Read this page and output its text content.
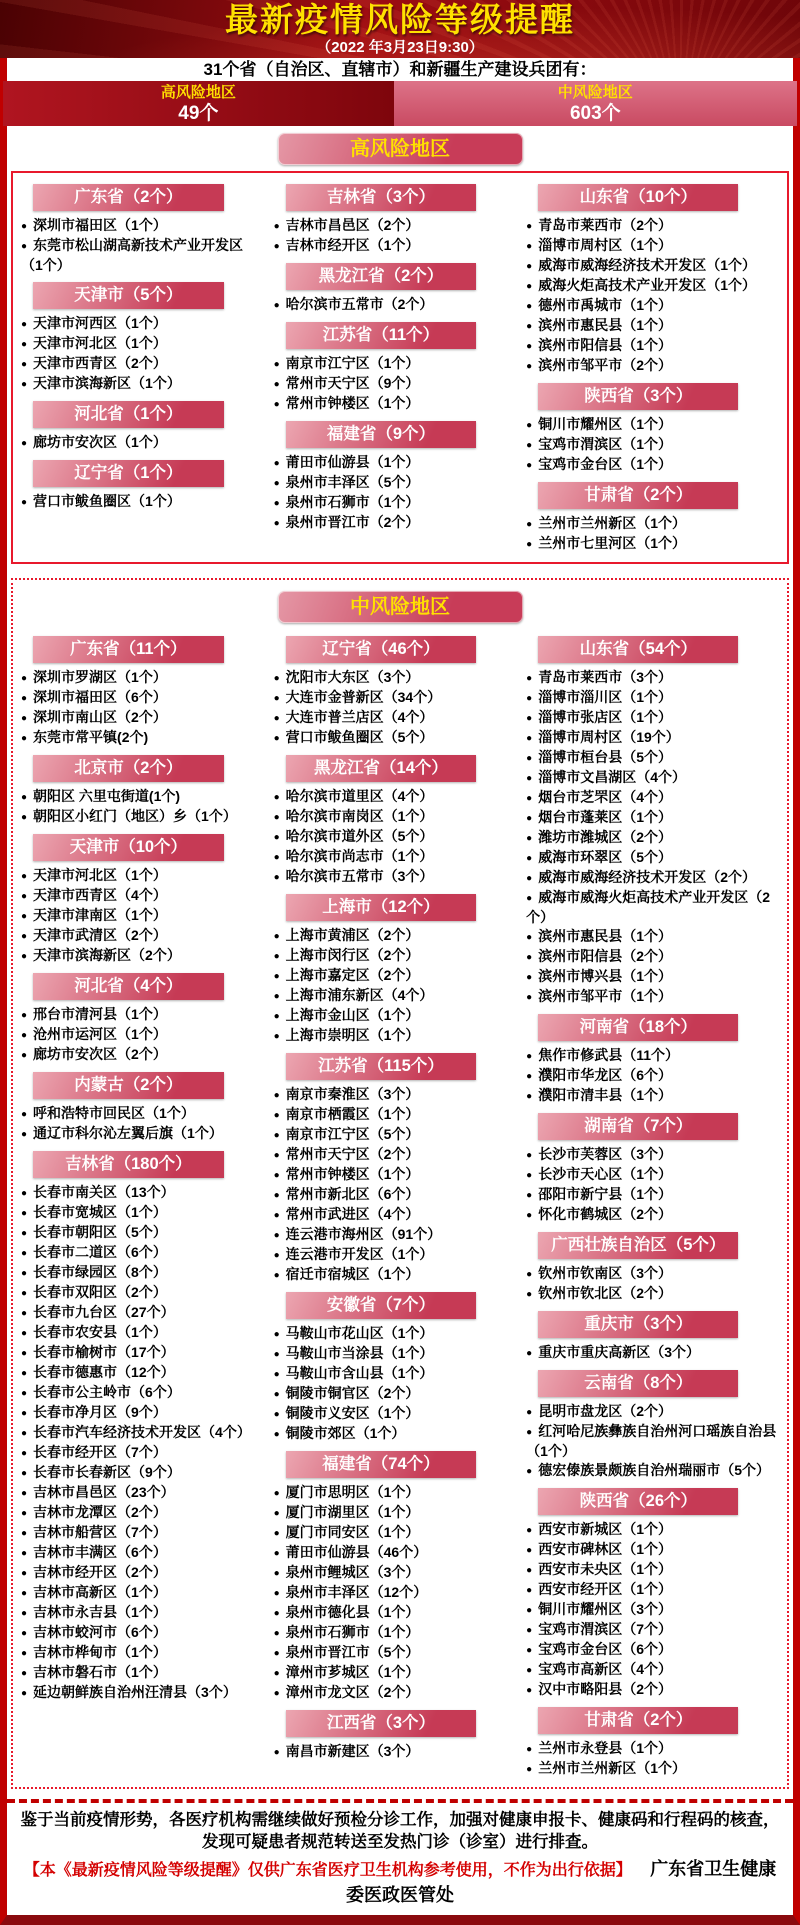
最新疫情风险等级提醒
（2022 年3月23日9:30）
31个省（自治区、直辖市）和新疆生产建设兵团有：
高风险地区
49个
中风险地区
603个
高风险地区
广东省（2个）
● 深圳市福田区（1个）
● 东莞市松山湖高新技术产业开发区（1个）
天津市（5个）
● 天津市河西区（1个）
● 天津市河北区（1个）
● 天津市西青区（2个）
● 天津市滨海新区（1个）
河北省（1个）
● 廊坊市安次区（1个）
辽宁省（1个）
● 营口市鲅鱼圈区（1个）
吉林省（3个）
● 吉林市昌邑区（2个）
● 吉林市经开区（1个）
黑龙江省（2个）
● 哈尔滨市五常市（2个）
江苏省（11个）
● 南京市江宁区（1个）
● 常州市天宁区（9个）
● 常州市钟楼区（1个）
福建省（9个）
● 莆田市仙游县（1个）
● 泉州市丰泽区（5个）
● 泉州市石狮市（1个）
● 泉州市晋江市（2个）
山东省（10个）
● 青岛市莱西市（2个）
● 淄博市周村区（1个）
● 威海市威海经济技术开发区（1个）
● 威海火炬高技术产业开发区（1个）
● 德州市禹城市（1个）
● 滨州市惠民县（1个）
● 滨州市阳信县（1个）
● 滨州市邹平市（2个）
陕西省（3个）
● 铜川市耀州区（1个）
● 宝鸡市渭滨区（1个）
● 宝鸡市金台区（1个）
甘肃省（2个）
● 兰州市兰州新区（1个）
● 兰州市七里河区（1个）
中风险地区
广东省（11个）
● 深圳市罗湖区（1个）
● 深圳市福田区（6个）
● 深圳市南山区（2个）
● 东莞市常平镇(2个)
北京市（2个）
● 朝阳区 六里屯街道(1个)
● 朝阳区小红门（地区）乡（1个）
天津市（10个）
● 天津市河北区（1个）
● 天津市西青区（4个）
● 天津市津南区（1个）
● 天津市武清区（2个）
● 天津市滨海新区（2个）
河北省（4个）
● 邢台市清河县（1个）
● 沧州市运河区（1个）
● 廊坊市安次区（2个）
内蒙古（2个）
● 呼和浩特市回民区（1个）
● 通辽市科尔沁左翼后旗（1个）
吉林省（180个）
● 长春市南关区（13个）
● 长春市宽城区（1个）
● 长春市朝阳区（5个）
● 长春市二道区（6个）
● 长春市绿园区（8个）
● 长春市双阳区（2个）
● 长春市九台区（27个）
● 长春市农安县（1个）
● 长春市榆树市（17个）
● 长春市德惠市（12个）
● 长春市公主岭市（6个）
● 长春市净月区（9个）
● 长春市汽车经济技术开发区（4个）
● 长春市经开区（7个）
● 长春市长春新区（9个）
● 吉林市昌邑区（23个）
● 吉林市龙潭区（2个）
● 吉林市船营区（7个）
● 吉林市丰满区（6个）
● 吉林市经开区（2个）
● 吉林市高新区（1个）
● 吉林市永吉县（1个）
● 吉林市蛟河市（6个）
● 吉林市桦甸市（1个）
● 吉林市磐石市（1个）
● 延边朝鲜族自治州汪清县（3个）
辽宁省（46个）
● 沈阳市大东区（3个）
● 大连市金普新区（34个）
● 大连市普兰店区（4个）
● 营口市鲅鱼圈区（5个）
黑龙江省（14个）
● 哈尔滨市道里区（4个）
● 哈尔滨市南岗区（1个）
● 哈尔滨市道外区（5个）
● 哈尔滨市尚志市（1个）
● 哈尔滨市五常市（3个）
上海市（12个）
● 上海市黄浦区（2个）
● 上海市闵行区（2个）
● 上海市嘉定区（2个）
● 上海市浦东新区（4个）
● 上海市金山区（1个）
● 上海市崇明区（1个）
江苏省（115个）
● 南京市秦淮区（3个）
● 南京市栖霞区（1个）
● 南京市江宁区（5个）
● 常州市天宁区（2个）
● 常州市钟楼区（1个）
● 常州市新北区（6个）
● 常州市武进区（4个）
● 连云港市海州区（91个）
● 连云港市开发区（1个）
● 宿迁市宿城区（1个）
安徽省（7个）
● 马鞍山市花山区（1个）
● 马鞍山市当涂县（1个）
● 马鞍山市含山县（1个）
● 铜陵市铜官区（2个）
● 铜陵市义安区（1个）
● 铜陵市郊区（1个）
福建省（74个）
● 厦门市思明区（1个）
● 厦门市湖里区（1个）
● 厦门市同安区（1个）
● 莆田市仙游县（46个）
● 泉州市鲤城区（3个）
● 泉州市丰泽区（12个）
● 泉州市德化县（1个）
● 泉州市石狮市（1个）
● 泉州市晋江市（5个）
● 漳州市芗城区（1个）
● 漳州市龙文区（2个）
江西省（3个）
● 南昌市新建区（3个）
山东省（54个）
● 青岛市莱西市（3个）
● 淄博市淄川区（1个）
● 淄博市张店区（1个）
● 淄博市周村区（19个）
● 淄博市桓台县（5个）
● 淄博市文昌湖区（4个）
● 烟台市芝罘区（4个）
● 烟台市蓬莱区（1个）
● 潍坊市潍城区（2个）
● 威海市环翠区（5个）
● 威海市威海经济技术开发区（2个）
● 威海市威海火炬高技术产业开发区（2个）
● 滨州市惠民县（1个）
● 滨州市阳信县（2个）
● 滨州市博兴县（1个）
● 滨州市邹平市（1个）
河南省（18个）
● 焦作市修武县（11个）
● 濮阳市华龙区（6个）
● 濮阳市清丰县（1个）
湖南省（7个）
● 长沙市芙蓉区（3个）
● 长沙市天心区（1个）
● 邵阳市新宁县（1个）
● 怀化市鹤城区（2个）
广西壮族自治区（5个）
● 钦州市钦南区（3个）
● 钦州市钦北区（2个）
重庆市（3个）
● 重庆市重庆高新区（3个）
云南省（8个）
● 昆明市盘龙区（2个）
● 红河哈尼族彝族自治州河口瑶族自治县（1个）
● 德宏傣族景颇族自治州瑞丽市（5个）
陕西省（26个）
● 西安市新城区（1个）
● 西安市碑林区（1个）
● 西安市未央区（1个）
● 西安市经开区（1个）
● 铜川市耀州区（3个）
● 宝鸡市渭滨区（7个）
● 宝鸡市金台区（6个）
● 宝鸡市高新区（4个）
● 汉中市略阳县（2个）
甘肃省（2个）
● 兰州市永登县（1个）
● 兰州市兰州新区（1个）
鉴于当前疫情形势，各医疗机构需继续做好预检分诊工作，加强对健康申报卡、健康码和行程码的核查，发现可疑患者规范转送至发热门诊（诊室）进行排查。
【本《最新疫情风险等级提醒》仅供广东省医疗卫生机构参考使用，不作为出行依据】 广东省卫生健康委医政医管处
